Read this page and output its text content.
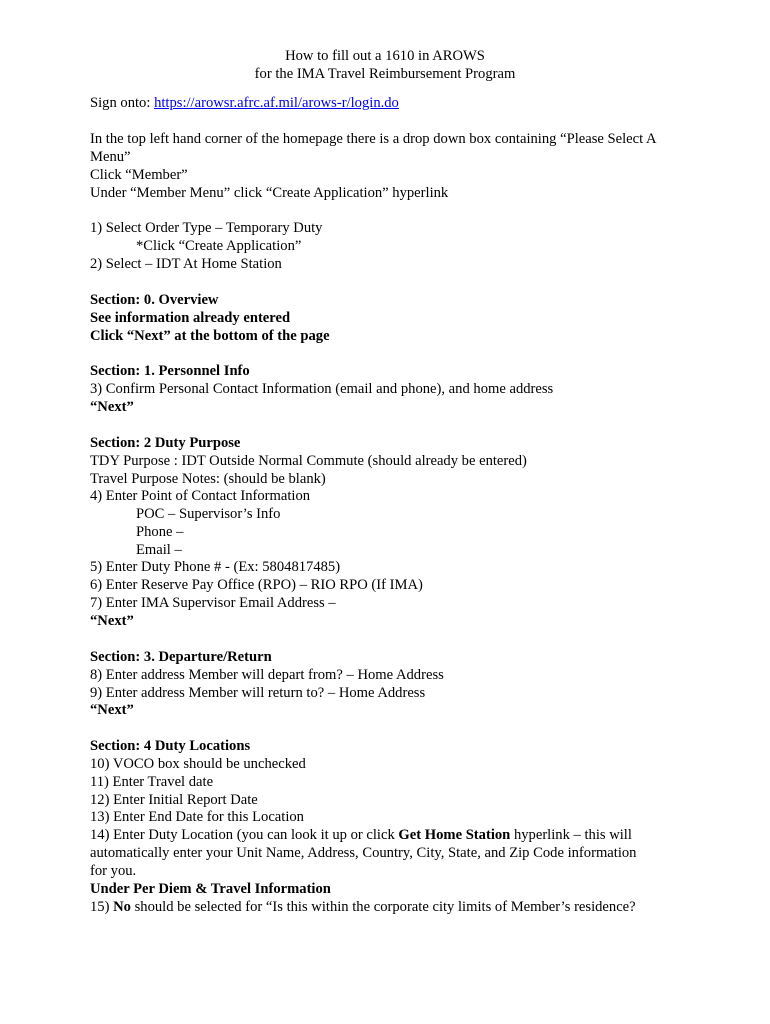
How to fill out a 1610 in AROWS
for the IMA Travel Reimbursement Program
Sign onto: https://arowsr.afrc.af.mil/arows-r/login.do
In the top left hand corner of the homepage there is a drop down box containing “Please Select A
Menu”
Click “Member”
Under “Member Menu” click “Create Application” hyperlink
1) Select Order Type – Temporary Duty
*Click “Create Application”
2) Select – IDT At Home Station
Section: 0. Overview
See information already entered
Click “Next” at the bottom of the page
Section: 1. Personnel Info
3) Confirm Personal Contact Information (email and phone), and home address
“Next”
Section: 2 Duty Purpose
TDY Purpose : IDT Outside Normal Commute (should already be entered)
Travel Purpose Notes: (should be blank)
4) Enter Point of Contact Information
POC – Supervisor’s Info
Phone –
Email –
5) Enter Duty Phone # - (Ex: 5804817485)
6) Enter Reserve Pay Office (RPO) – RIO RPO (If IMA)
7) Enter IMA Supervisor Email Address –
“Next”
Section: 3. Departure/Return
8) Enter address Member will depart from? – Home Address
9) Enter address Member will return to? – Home Address
“Next”
Section: 4 Duty Locations
10) VOCO box should be unchecked
11) Enter Travel date
12) Enter Initial Report Date
13) Enter End Date for this Location
14) Enter Duty Location (you can look it up or click Get Home Station hyperlink – this will
automatically enter your Unit Name, Address, Country, City, State, and Zip Code information
for you.
Under Per Diem & Travel Information
15) No should be selected for “Is this within the corporate city limits of Member’s residence?
